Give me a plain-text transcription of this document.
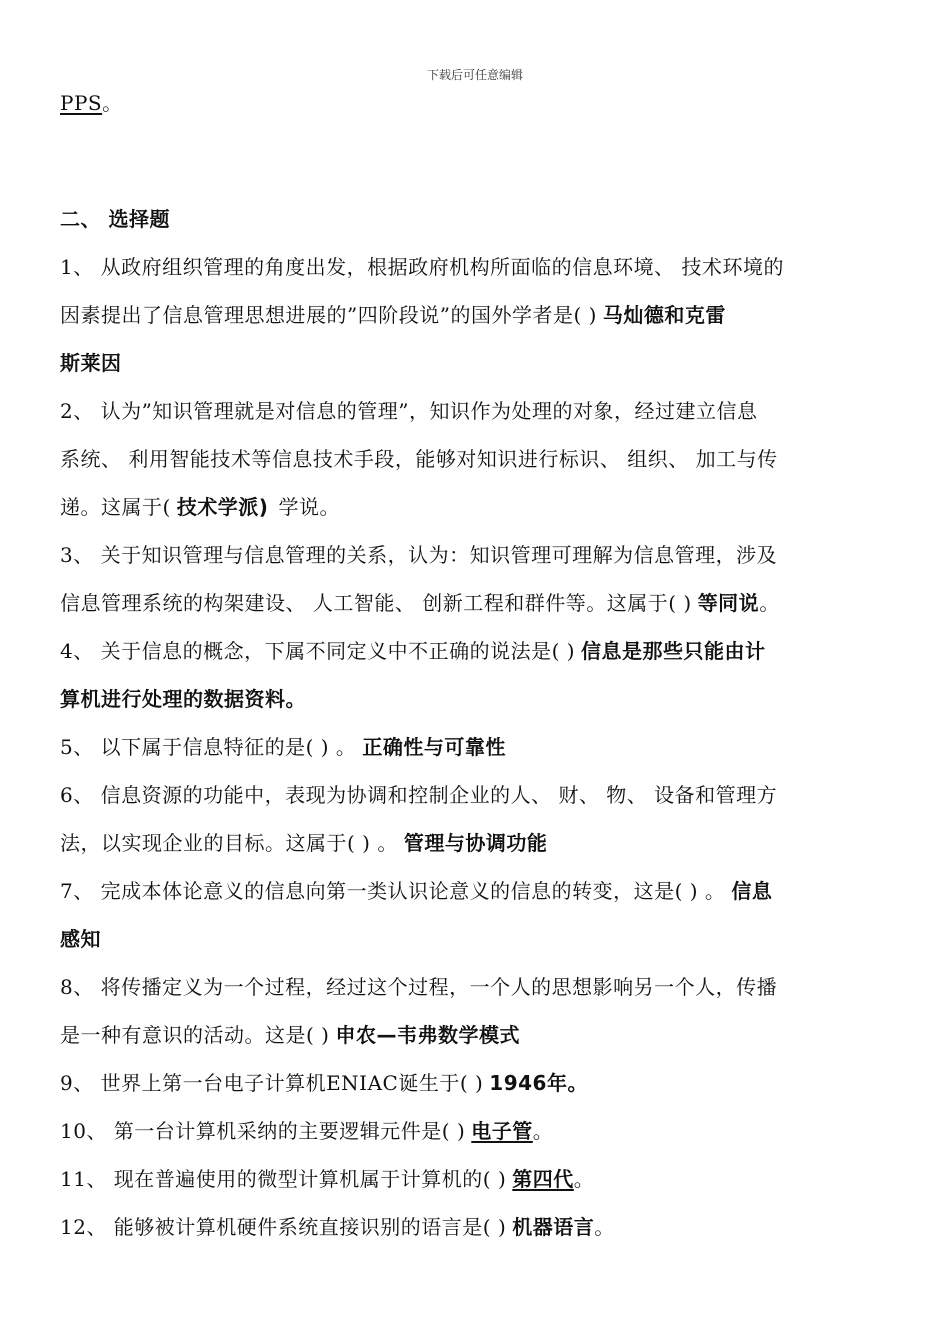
下载后可任意编辑
PPS。
二、 选择题
1、 从政府组织管理的角度出发，根据政府机构所面临的信息环境、 技术环境的
因素提出了信息管理思想进展的”四阶段说”的国外学者是( ) 马灿德和克雷
斯莱因
2、 认为”知识管理就是对信息的管理”，知识作为处理的对象，经过建立信息
系统、 利用智能技术等信息技术手段，能够对知识进行标识、 组织、 加工与传
递。这属于( 技术学派) 学说。
3、 关于知识管理与信息管理的关系，认为：知识管理可理解为信息管理，涉及
信息管理系统的构架建设、 人工智能、 创新工程和群件等。这属于( ) 等同说。
4、 关于信息的概念，下属不同定义中不正确的说法是( ) 信息是那些只能由计
算机进行处理的数据资料。
5、 以下属于信息特征的是( ) 。 正确性与可靠性
6、 信息资源的功能中，表现为协调和控制企业的人、 财、 物、 设备和管理方
法，以实现企业的目标。这属于( ) 。 管理与协调功能
7、 完成本体论意义的信息向第一类认识论意义的信息的转变，这是( ) 。 信息
感知
8、 将传播定义为一个过程，经过这个过程，一个人的思想影响另一个人，传播
是一种有意识的活动。这是( ) 申农—韦弗数学模式
9、 世界上第一台电子计算机ENIAC诞生于( ) 1946年。
10、 第一台计算机采纳的主要逻辑元件是( ) 电子管。
11、 现在普遍使用的微型计算机属于计算机的( ) 第四代。
12、 能够被计算机硬件系统直接识别的语言是( ) 机器语言。
